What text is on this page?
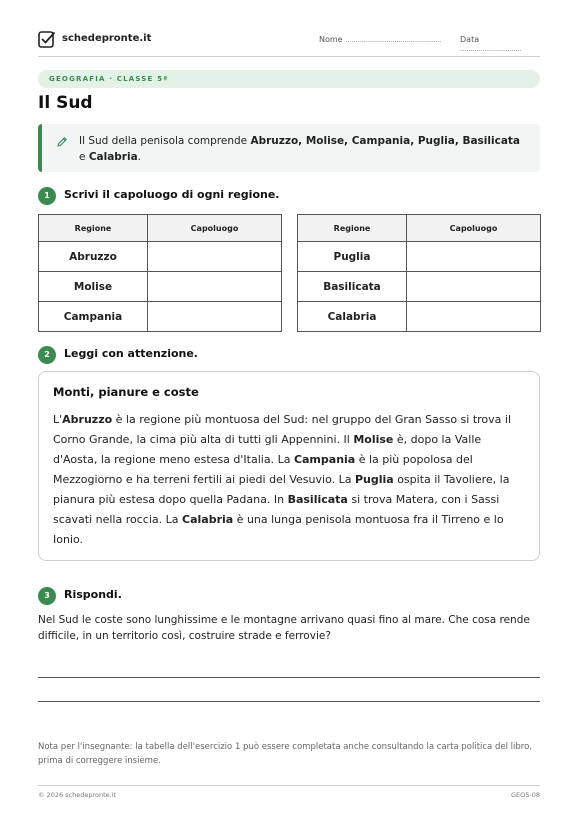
schedepronte.it	Nome ............................................... Data ..............................
GEOGRAFIA · CLASSE 5ª
Il Sud
Il Sud della penisola comprende Abruzzo, Molise, Campania, Puglia, Basilicata e Calabria.
1	Scrivi il capoluogo di ogni regione.
Regione	Capoluogo
Abruzzo	
Molise	
Campania	
Regione	Capoluogo
Puglia	
Basilicata	
Calabria	
2	Leggi con attenzione.
Monti, pianure e coste
L'Abruzzo è la regione più montuosa del Sud: nel gruppo del Gran Sasso si trova il Corno Grande, la cima più alta di tutti gli Appennini. Il Molise è, dopo la Valle d'Aosta, la regione meno estesa d'Italia. La Campania è la più popolosa del Mezzogiorno e ha terreni fertili ai piedi del Vesuvio. La Puglia ospita il Tavoliere, la pianura più estesa dopo quella Padana. In Basilicata si trova Matera, con i Sassi scavati nella roccia. La Calabria è una lunga penisola montuosa fra il Tirreno e lo Ionio.
3	Rispondi.
Nel Sud le coste sono lunghissime e le montagne arrivano quasi fino al mare. Che cosa rende difficile, in un territorio così, costruire strade e ferrovie?
Nota per l'insegnante: la tabella dell'esercizio 1 può essere completata anche consultando la carta politica del libro, prima di correggere insieme.
© 2026 schedepronte.it	GEO5-08
